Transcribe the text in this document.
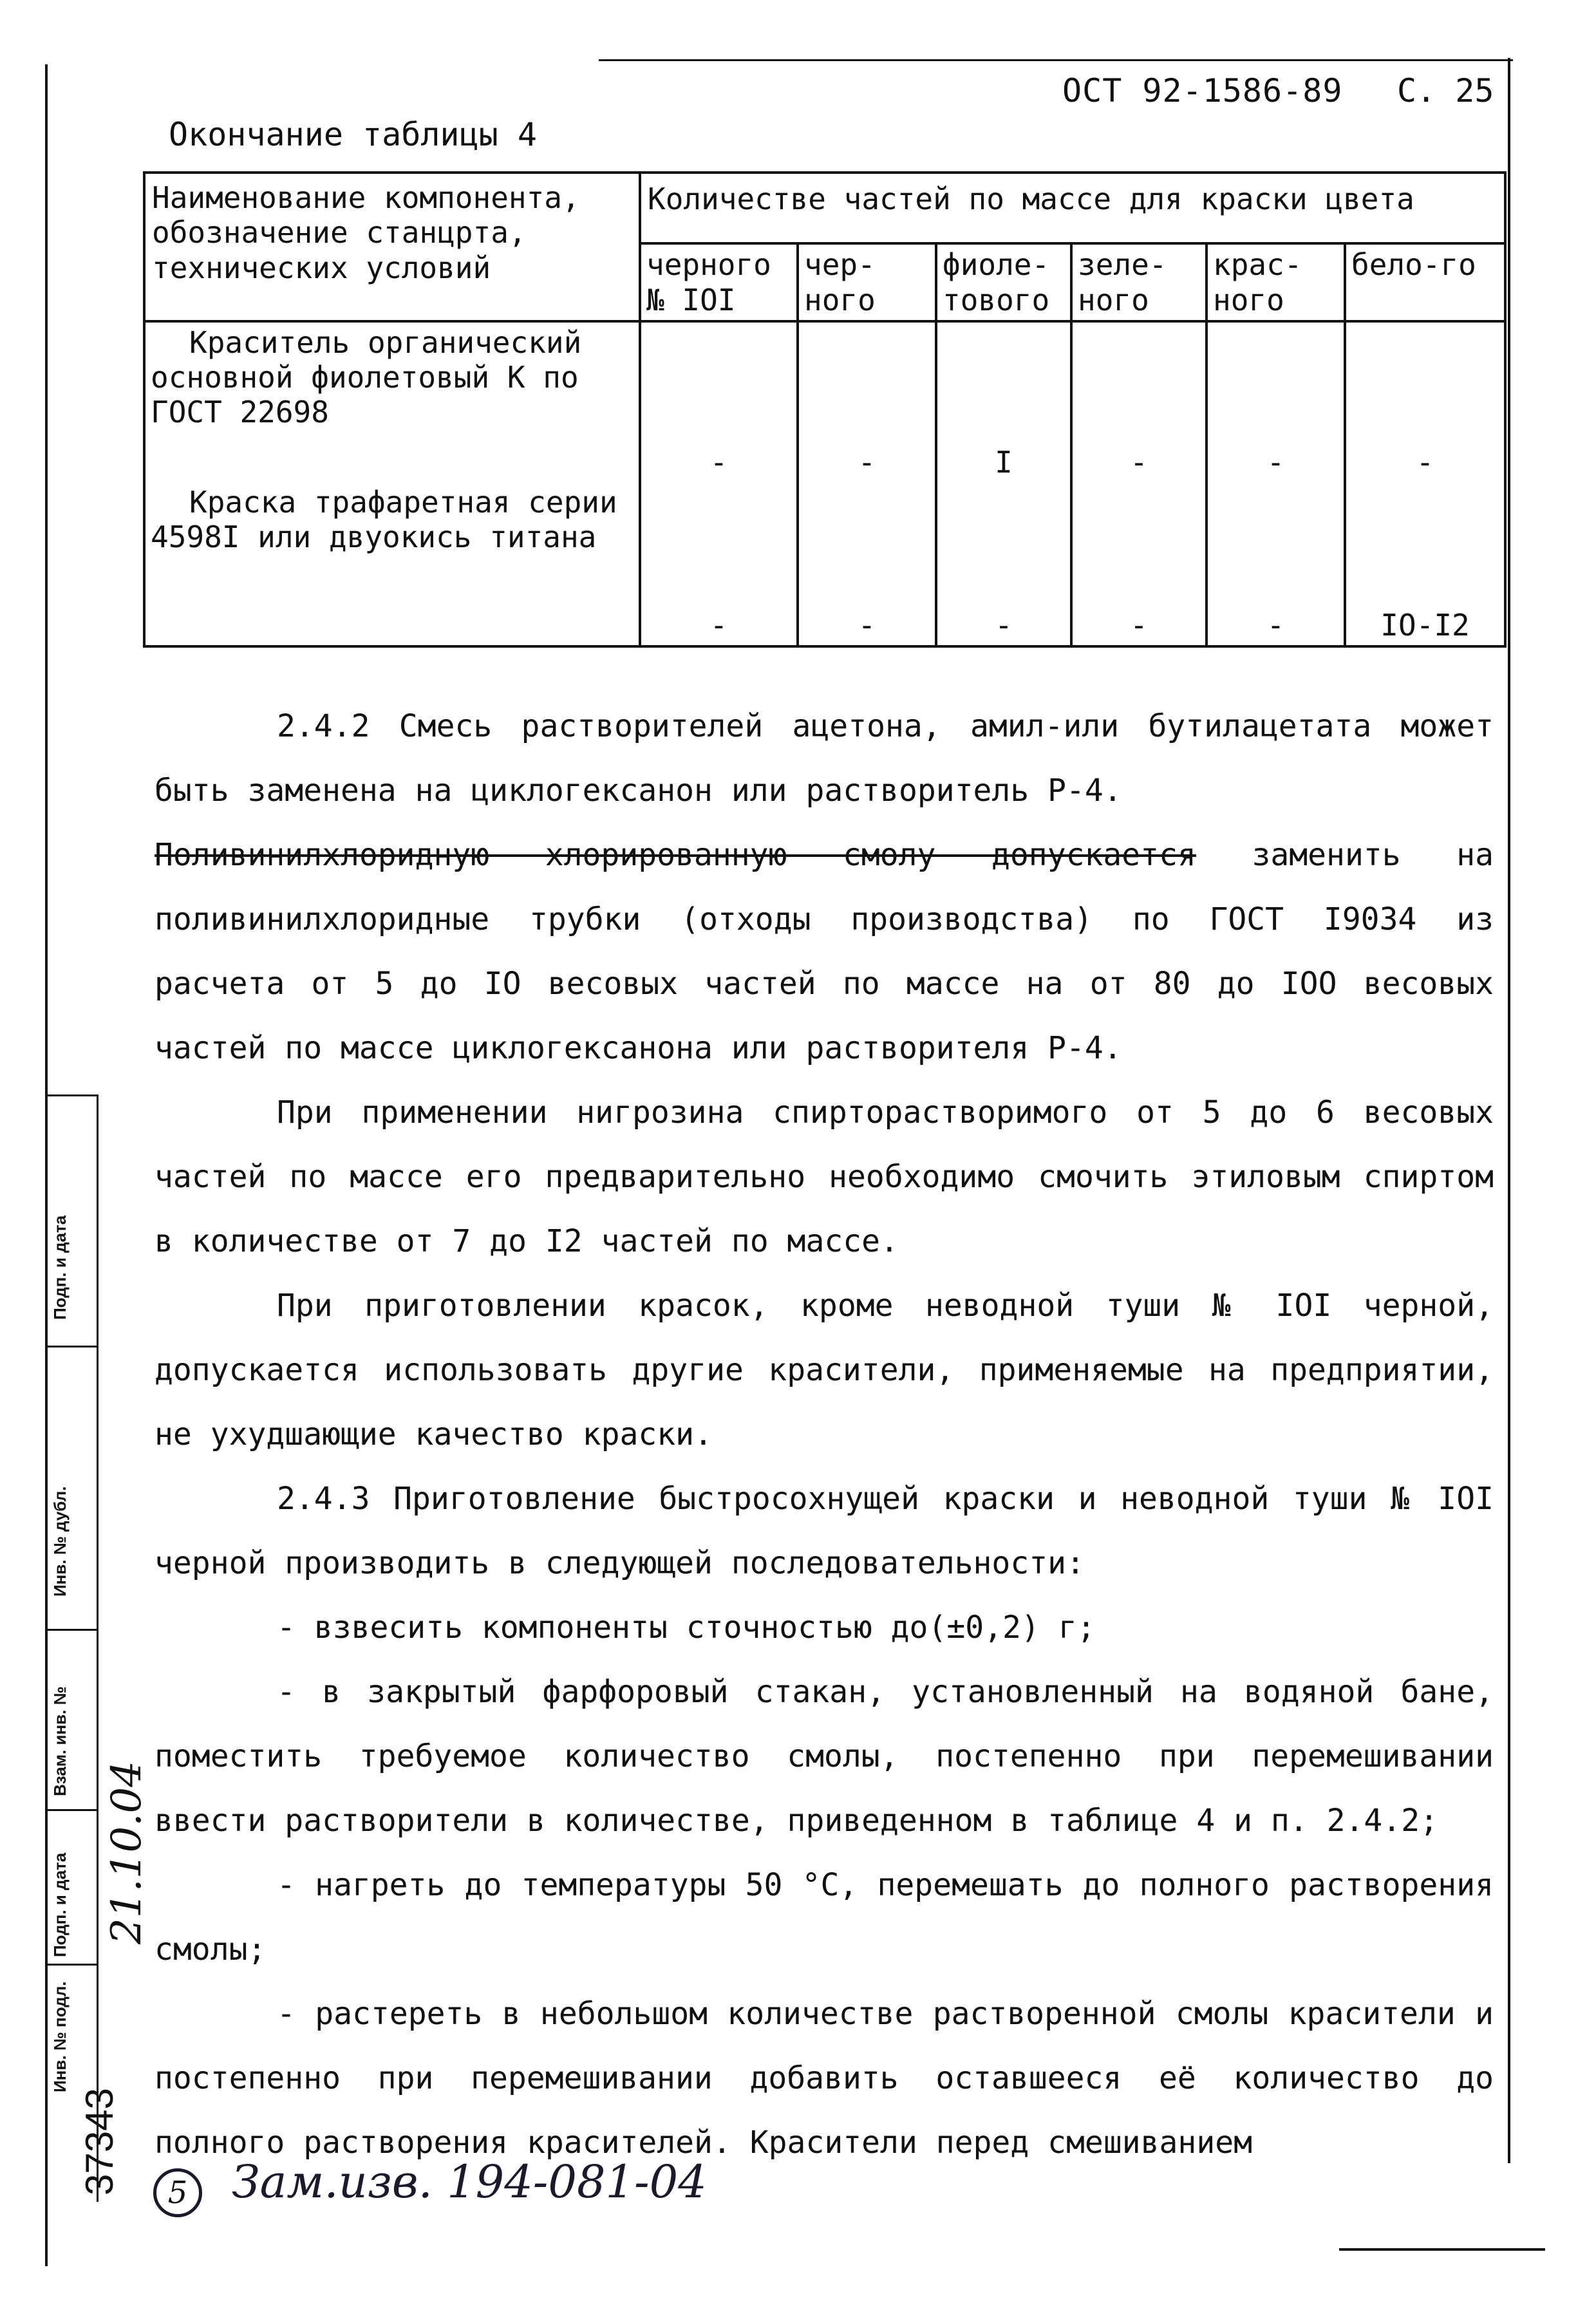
Подп. и дата
Инв. № дубл.
Взам. инв. №
Подп. и дата
Инв. № подл.
37343
21.10.04
ОСТ 92-1586-89 С. 25
Окончание таблицы 4
Наименование компонента, обозначение станцрта, технических условий	Количестве частей по массе для краски цвета					
	черного № IOI	чер-ного	фиоле-тового	зеле-ного	крас-ного	бело-го
Краситель органический основной фиолетовый К по ГОСТ 22698	-	-	I	-	-	-
Краска трафаретная серии 4598I или двуокись титана	-	-	-	-	-	IO-I2

2.4.2 Смесь растворителей ацетона, амил-или бутилацетата может быть заменена на циклогексанон или растворитель Р-4.

Поливинилхлоридную хлорированную смолу допускается заменить на поливинилхлоридные трубки (отходы производства) по ГОСТ I9034 из расчета от 5 до IO весовых частей по массе на от 80 до IOO весовых частей по массе циклогексанона или растворителя Р-4.

При применении нигрозина спирторастворимого от 5 до 6 весовых частей по массе его предварительно необходимо смочить этиловым спиртом в количестве от 7 до I2 частей по массе.

При приготовлении красок, кроме неводной туши № IOI черной, допускается использовать другие красители, применяемые на предприятии, не ухудшающие качество краски.

2.4.3 Приготовление быстросохнущей краски и неводной туши № IOI черной производить в следующей последовательности:

- взвесить компоненты сточностью до(±0,2) г;

- в закрытый фарфоровый стакан, установленный на водяной бане, поместить требуемое количество смолы, постепенно при перемешивании ввести растворители в количестве, приведенном в таблице 4 и п. 2.4.2;

- нагреть до температуры 50 °С, перемешать до полного растворения смолы;

- растереть в небольшом количестве растворенной смолы красители и постепенно при перемешивании добавить оставшееся её количество до полного растворения красителей. Красители перед смешиванием

5 Зам.изв. 194-081-04
